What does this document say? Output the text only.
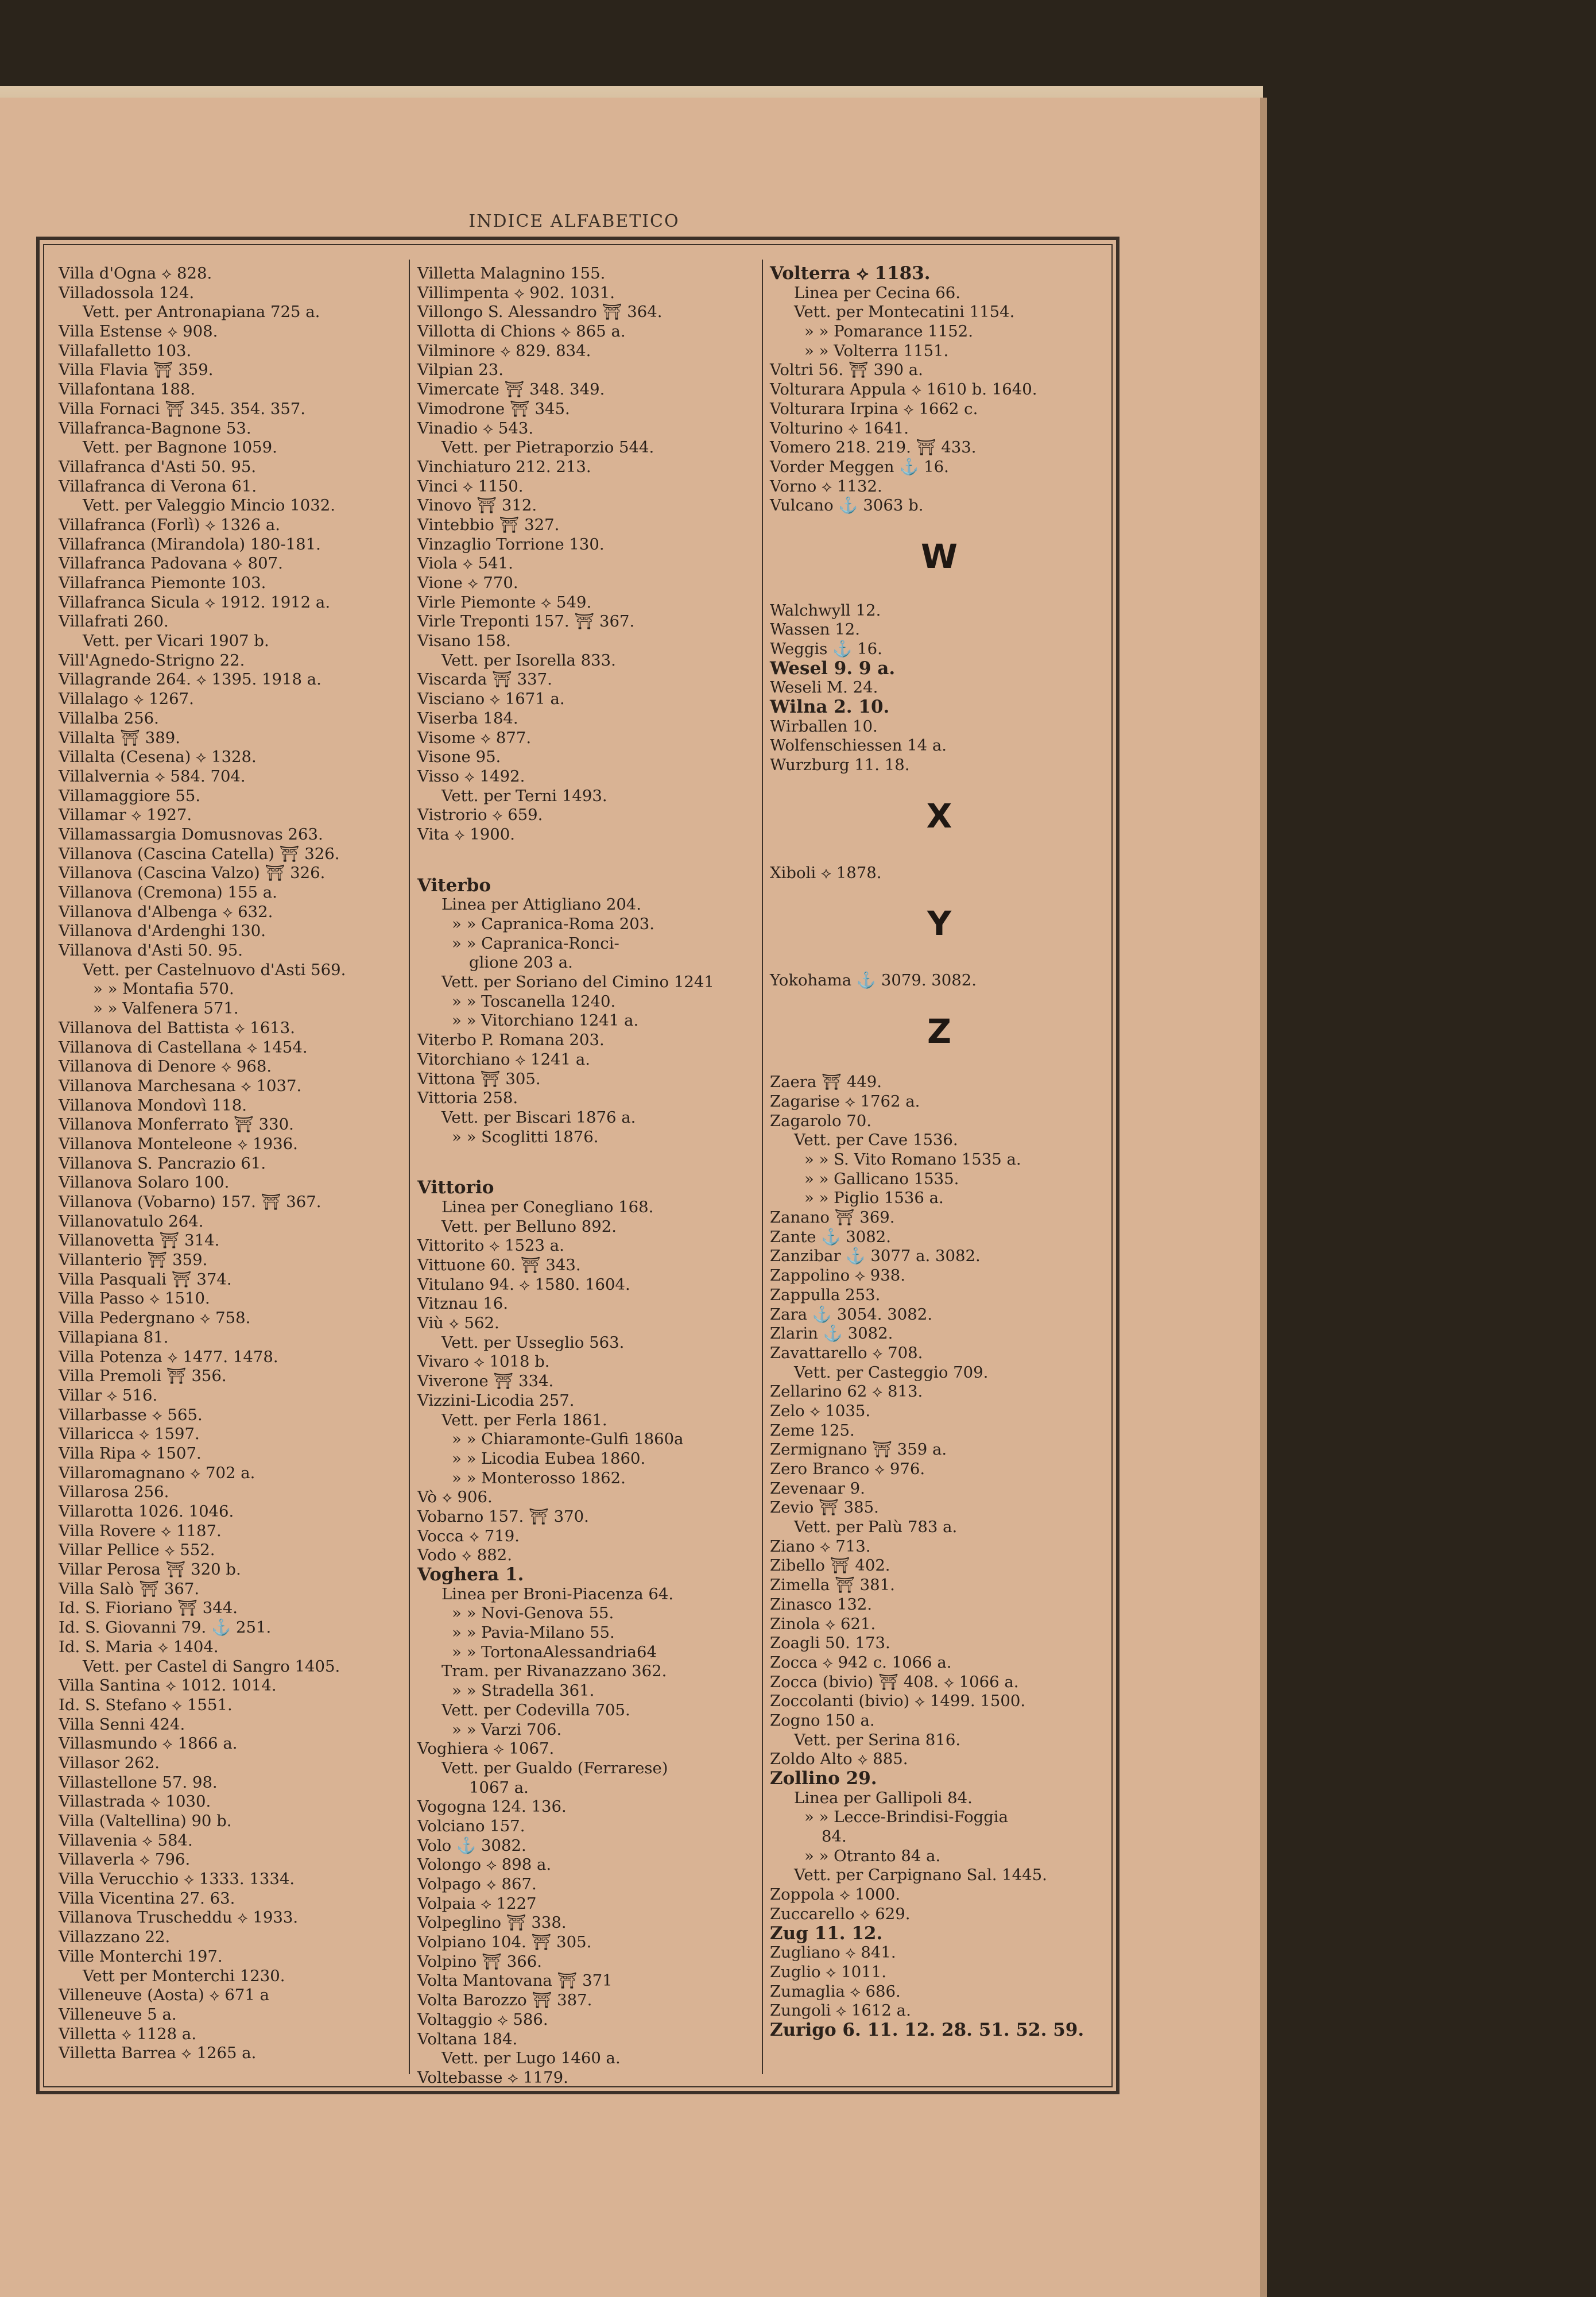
INDICE ALFABETICO
Villa d'Ogna ⟡ 828.
Villadossola 124.
Vett. per Antronapiana 725 a.
Villa Estense ⟡ 908.
Villafalletto 103.
Villa Flavia ⛩ 359.
Villafontana 188.
Villa Fornaci ⛩ 345. 354. 357.
Villafranca-Bagnone 53.
Vett. per Bagnone 1059.
Villafranca d'Asti 50. 95.
Villafranca di Verona 61.
Vett. per Valeggio Mincio 1032.
Villafranca (Forlì) ⟡ 1326 a.
Villafranca (Mirandola) 180-181.
Villafranca Padovana ⟡ 807.
Villafranca Piemonte 103.
Villafranca Sicula ⟡ 1912. 1912 a.
Villafrati 260.
Vett. per Vicari 1907 b.
Vill'Agnedo-Strigno 22.
Villagrande 264. ⟡ 1395. 1918 a.
Villalago ⟡ 1267.
Villalba 256.
Villalta ⛩ 389.
Villalta (Cesena) ⟡ 1328.
Villalvernia ⟡ 584. 704.
Villamaggiore 55.
Villamar ⟡ 1927.
Villamassargia Domusnovas 263.
Villanova (Cascina Catella) ⛩ 326.
Villanova (Cascina Valzo) ⛩ 326.
Villanova (Cremona) 155 a.
Villanova d'Albenga ⟡ 632.
Villanova d'Ardenghi 130.
Villanova d'Asti 50. 95.
Vett. per Castelnuovo d'Asti 569.
» » Montafia 570.
» » Valfenera 571.
Villanova del Battista ⟡ 1613.
Villanova di Castellana ⟡ 1454.
Villanova di Denore ⟡ 968.
Villanova Marchesana ⟡ 1037.
Villanova Mondovì 118.
Villanova Monferrato ⛩ 330.
Villanova Monteleone ⟡ 1936.
Villanova S. Pancrazio 61.
Villanova Solaro 100.
Villanova (Vobarno) 157. ⛩ 367.
Villanovatulo 264.
Villanovetta ⛩ 314.
Villanterio ⛩ 359.
Villa Pasquali ⛩ 374.
Villa Passo ⟡ 1510.
Villa Pedergnano ⟡ 758.
Villapiana 81.
Villa Potenza ⟡ 1477. 1478.
Villa Premoli ⛩ 356.
Villar ⟡ 516.
Villarbasse ⟡ 565.
Villaricca ⟡ 1597.
Villa Ripa ⟡ 1507.
Villaromagnano ⟡ 702 a.
Villarosa 256.
Villarotta 1026. 1046.
Villa Rovere ⟡ 1187.
Villar Pellice ⟡ 552.
Villar Perosa ⛩ 320 b.
Villa Salò ⛩ 367.
Id. S. Fioriano ⛩ 344.
Id. S. Giovanni 79. ⚓ 251.
Id. S. Maria ⟡ 1404.
Vett. per Castel di Sangro 1405.
Villa Santina ⟡ 1012. 1014.
Id. S. Stefano ⟡ 1551.
Villa Senni 424.
Villasmundo ⟡ 1866 a.
Villasor 262.
Villastellone 57. 98.
Villastrada ⟡ 1030.
Villa (Valtellina) 90 b.
Villavenia ⟡ 584.
Villaverla ⟡ 796.
Villa Verucchio ⟡ 1333. 1334.
Villa Vicentina 27. 63.
Villanova Truscheddu ⟡ 1933.
Villazzano 22.
Ville Monterchi 197.
Vett per Monterchi 1230.
Villeneuve (Aosta) ⟡ 671 a
Villeneuve 5 a.
Villetta ⟡ 1128 a.
Villetta Barrea ⟡ 1265 a.
Villetta Malagnino 155.
Villimpenta ⟡ 902. 1031.
Villongo S. Alessandro ⛩ 364.
Villotta di Chions ⟡ 865 a.
Vilminore ⟡ 829. 834.
Vilpian 23.
Vimercate ⛩ 348. 349.
Vimodrone ⛩ 345.
Vinadio ⟡ 543.
Vett. per Pietraporzio 544.
Vinchiaturo 212. 213.
Vinci ⟡ 1150.
Vinovo ⛩ 312.
Vintebbio ⛩ 327.
Vinzaglio Torrione 130.
Viola ⟡ 541.
Vione ⟡ 770.
Virle Piemonte ⟡ 549.
Virle Treponti 157. ⛩ 367.
Visano 158.
Vett. per Isorella 833.
Viscarda ⛩ 337.
Visciano ⟡ 1671 a.
Viserba 184.
Visome ⟡ 877.
Visone 95.
Visso ⟡ 1492.
Vett. per Terni 1493.
Vistrorio ⟡ 659.
Vita ⟡ 1900.
Viterbo
Linea per Attigliano 204.
» » Capranica-Roma 203.
» » Capranica-Ronci-
glione 203 a.
Vett. per Soriano del Cimino 1241
» » Toscanella 1240.
» » Vitorchiano 1241 a.
Viterbo P. Romana 203.
Vitorchiano ⟡ 1241 a.
Vittona ⛩ 305.
Vittoria 258.
Vett. per Biscari 1876 a.
» » Scoglitti 1876.
Vittorio
Linea per Conegliano 168.
Vett. per Belluno 892.
Vittorito ⟡ 1523 a.
Vittuone 60. ⛩ 343.
Vitulano 94. ⟡ 1580. 1604.
Vitznau 16.
Viù ⟡ 562.
Vett. per Usseglio 563.
Vivaro ⟡ 1018 b.
Viverone ⛩ 334.
Vizzini-Licodia 257.
Vett. per Ferla 1861.
» » Chiaramonte-Gulfi 1860a
» » Licodia Eubea 1860.
» » Monterosso 1862.
Vò ⟡ 906.
Vobarno 157. ⛩ 370.
Vocca ⟡ 719.
Vodo ⟡ 882.
Voghera 1.
Linea per Broni-Piacenza 64.
» » Novi-Genova 55.
» » Pavia-Milano 55.
» » TortonaAlessandria64
Tram. per Rivanazzano 362.
» » Stradella 361.
Vett. per Codevilla 705.
» » Varzi 706.
Voghiera ⟡ 1067.
Vett. per Gualdo (Ferrarese)
1067 a.
Vogogna 124. 136.
Volciano 157.
Volo ⚓ 3082.
Volongo ⟡ 898 a.
Volpago ⟡ 867.
Volpaia ⟡ 1227
Volpeglino ⛩ 338.
Volpiano 104. ⛩ 305.
Volpino ⛩ 366.
Volta Mantovana ⛩ 371
Volta Barozzo ⛩ 387.
Voltaggio ⟡ 586.
Voltana 184.
Vett. per Lugo 1460 a.
Voltebasse ⟡ 1179.
Volterra ⟡ 1183.
Linea per Cecina 66.
Vett. per Montecatini 1154.
» » Pomarance 1152.
» » Volterra 1151.
Voltri 56. ⛩ 390 a.
Volturara Appula ⟡ 1610 b. 1640.
Volturara Irpina ⟡ 1662 c.
Volturino ⟡ 1641.
Vomero 218. 219. ⛩ 433.
Vorder Meggen ⚓ 16.
Vorno ⟡ 1132.
Vulcano ⚓ 3063 b.
W
Walchwyll 12.
Wassen 12.
Weggis ⚓ 16.
Wesel 9. 9 a.
Weseli M. 24.
Wilna 2. 10.
Wirballen 10.
Wolfenschiessen 14 a.
Wurzburg 11. 18.
X
Xiboli ⟡ 1878.
Y
Yokohama ⚓ 3079. 3082.
Z
Zaera ⛩ 449.
Zagarise ⟡ 1762 a.
Zagarolo 70.
Vett. per Cave 1536.
» » S. Vito Romano 1535 a.
» » Gallicano 1535.
» » Piglio 1536 a.
Zanano ⛩ 369.
Zante ⚓ 3082.
Zanzibar ⚓ 3077 a. 3082.
Zappolino ⟡ 938.
Zappulla 253.
Zara ⚓ 3054. 3082.
Zlarin ⚓ 3082.
Zavattarello ⟡ 708.
Vett. per Casteggio 709.
Zellarino 62 ⟡ 813.
Zelo ⟡ 1035.
Zeme 125.
Zermignano ⛩ 359 a.
Zero Branco ⟡ 976.
Zevenaar 9.
Zevio ⛩ 385.
Vett. per Palù 783 a.
Ziano ⟡ 713.
Zibello ⛩ 402.
Zimella ⛩ 381.
Zinasco 132.
Zinola ⟡ 621.
Zoagli 50. 173.
Zocca ⟡ 942 c. 1066 a.
Zocca (bivio) ⛩ 408. ⟡ 1066 a.
Zoccolanti (bivio) ⟡ 1499. 1500.
Zogno 150 a.
Vett. per Serina 816.
Zoldo Alto ⟡ 885.
Zollino 29.
Linea per Gallipoli 84.
» » Lecce-Brindisi-Foggia
84.
» » Otranto 84 a.
Vett. per Carpignano Sal. 1445.
Zoppola ⟡ 1000.
Zuccarello ⟡ 629.
Zug 11. 12.
Zugliano ⟡ 841.
Zuglio ⟡ 1011.
Zumaglia ⟡ 686.
Zungoli ⟡ 1612 a.
Zurigo 6. 11. 12. 28. 51. 52. 59.
